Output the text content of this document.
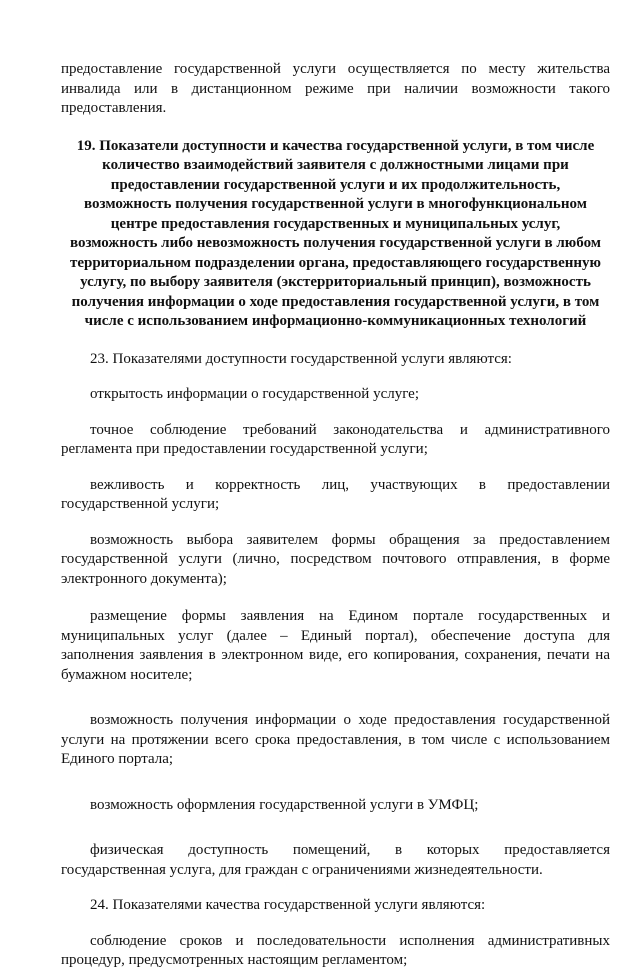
предоставление государственной услуги осуществляется по месту жительства инвалида или в дистанционном режиме при наличии возможности такого предоставления.

19. Показатели доступности и качества государственной услуги, в том числе количество взаимодействий заявителя с должностными лицами при предоставлении государственной услуги и их продолжительность, возможность получения государственной услуги в многофункциональном центре предоставления государственных и муниципальных услуг, возможность либо невозможность получения государственной услуги в любом территориальном подразделении органа, предоставляющего государственную услугу, по выбору заявителя (экстерриториальный принцип), возможность получения информации о ходе предоставления государственной услуги, в том числе с использованием информационно-коммуникационных технологий

23. Показателями доступности государственной услуги являются:

открытость информации о государственной услуге;

точное соблюдение требований законодательства и административного регламента при предоставлении государственной услуги;

вежливость и корректность лиц, участвующих в предоставлении государственной услуги;

возможность выбора заявителем формы обращения за предоставлением государственной услуги (лично, посредством почтового отправления, в форме электронного документа);

размещение формы заявления на Едином портале государственных и муниципальных услуг (далее – Единый портал), обеспечение доступа для заполнения заявления в электронном виде, его копирования, сохранения, печати на бумажном носителе;

возможность получения информации о ходе предоставления государственной услуги на протяжении всего срока предоставления, в том числе с использованием Единого портала;

возможность оформления государственной услуги в УМФЦ;

физическая доступность помещений, в которых предоставляется государственная услуга, для граждан с ограничениями жизнедеятельности.

24. Показателями качества государственной услуги являются:

соблюдение сроков и последовательности исполнения административных процедур, предусмотренных настоящим регламентом;
